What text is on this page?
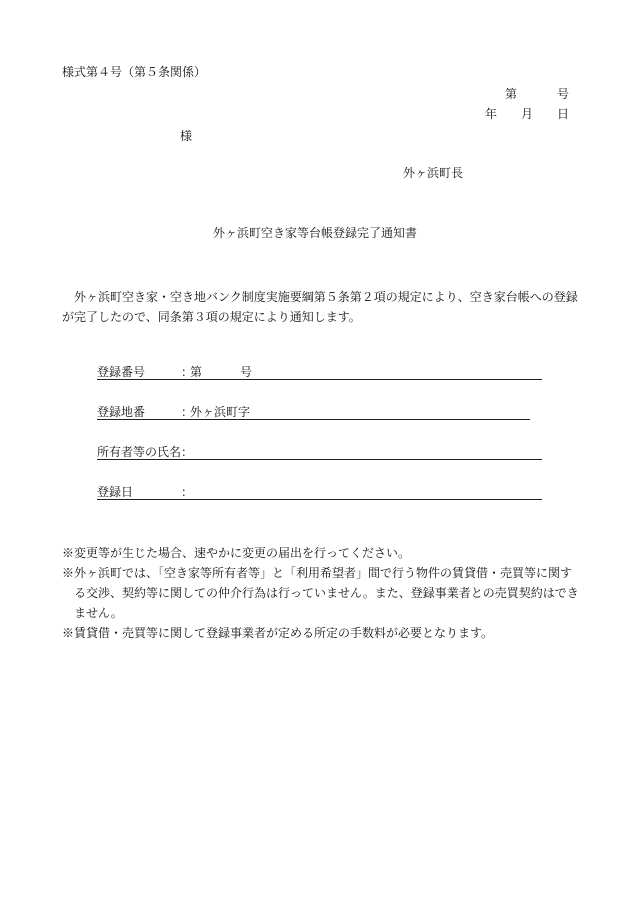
様式第４号（第５条関係）
第	号
年 月 日
様
外ヶ浜町長
外ヶ浜町空き家等台帳登録完了通知書
外ヶ浜町空き家・空き地バンク制度実施要綱第５条第２項の規定により、空き家台帳への登録が完了したので、同条第３項の規定により通知します。
登録番号	：
第	号
登録地番	：
外ヶ浜町字
所有者等の氏名 ：
登録日	：
※変更等が生じた場合、速やかに変更の届出を行ってください。
※外ヶ浜町では、「空き家等所有者等」と「利用希望者」間で行う物件の賃貸借・売買等に関する交渉、契約等に関しての仲介行為は行っていません。また、登録事業者との売買契約はできません。
※賃貸借・売買等に関して登録事業者が定める所定の手数料が必要となります。
